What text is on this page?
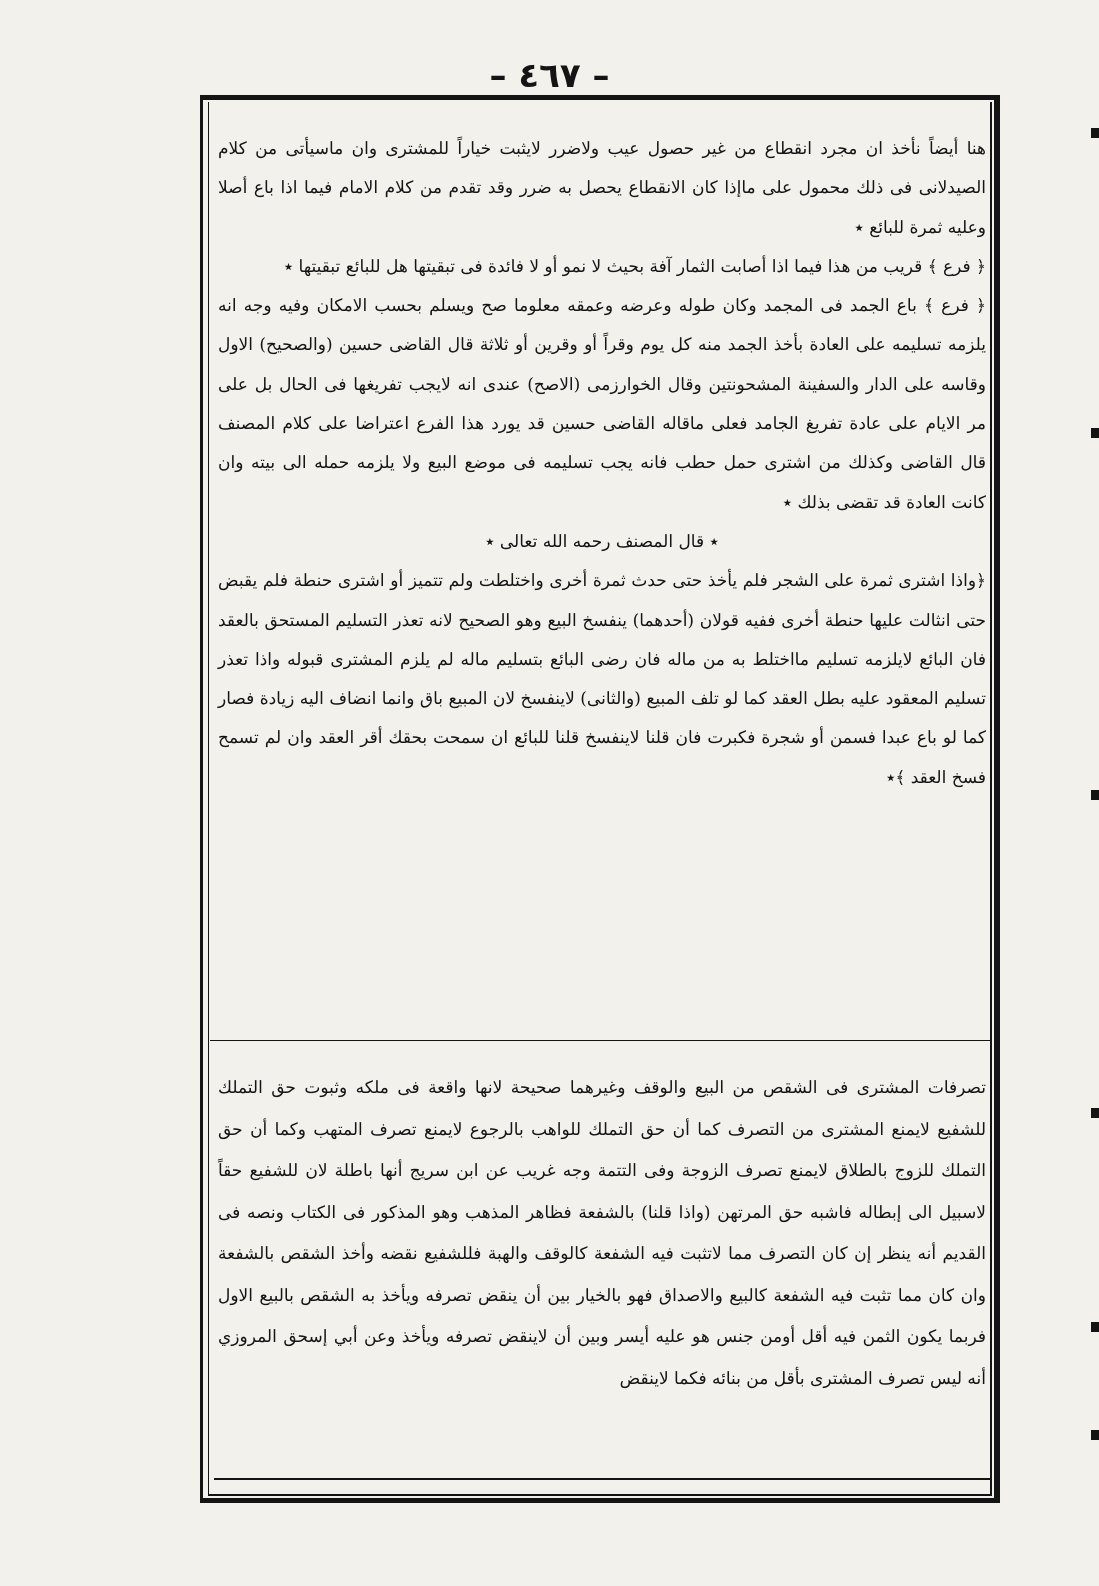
– ٤٦٧ –

هنا أيضاً نأخذ ان مجرد انقطاع من غير حصول عيب ولاضرر لايثبت خياراً للمشترى وان ماسيأتى من كلام الصيدلانى فى ذلك محمول على ماإذا كان الانقطاع يحصل به ضرر وقد تقدم من كلام الامام فيما اذا باع أصلا وعليه ثمرة للبائع ٭

﴿ فرع ﴾ قريب من هذا فيما اذا أصابت الثمار آفة بحيث لا نمو أو لا فائدة فى تبقيتها هل للبائع تبقيتها ٭

﴿ فرع ﴾ باع الجمد فى المجمد وكان طوله وعرضه وعمقه معلوما صح ويسلم بحسب الامكان وفيه وجه انه يلزمه تسليمه على العادة بأخذ الجمد منه كل يوم وقراً أو وقرين أو ثلاثة قال القاضى حسين (والصحيح) الاول وقاسه على الدار والسفينة المشحونتين وقال الخوارزمى (الاصح) عندى انه لايجب تفريغها فى الحال بل على مر الايام على عادة تفريغ الجامد فعلى ماقاله القاضى حسين قد يورد هذا الفرع اعتراضا على كلام المصنف قال القاضى وكذلك من اشترى حمل حطب فانه يجب تسليمه فى موضع البيع ولا يلزمه حمله الى بيته وان كانت العادة قد تقضى بذلك ٭

٭ قال المصنف رحمه الله تعالى ٭

﴿واذا اشترى ثمرة على الشجر فلم يأخذ حتى حدث ثمرة أخرى واختلطت ولم تتميز أو اشترى حنطة فلم يقبض حتى انثالت عليها حنطة أخرى ففيه قولان (أحدهما) ينفسخ البيع وهو الصحيح لانه تعذر التسليم المستحق بالعقد فان البائع لايلزمه تسليم مااختلط به من ماله فان رضى البائع بتسليم ماله لم يلزم المشترى قبوله واذا تعذر تسليم المعقود عليه بطل العقد كما لو تلف المبيع (والثانى) لاينفسخ لان المبيع باق وانما انضاف اليه زيادة فصار كما لو باع عبدا فسمن أو شجرة فكبرت فان قلنا لاينفسخ قلنا للبائع ان سمحت بحقك أقر العقد وان لم تسمح فسخ العقد ﴾٭

تصرفات المشترى فى الشقص من البيع والوقف وغيرهما صحيحة لانها واقعة فى ملكه وثبوت حق التملك للشفيع لايمنع المشترى من التصرف كما أن حق التملك للواهب بالرجوع لايمنع تصرف المتهب وكما أن حق التملك للزوج بالطلاق لايمنع تصرف الزوجة وفى التتمة وجه غريب عن ابن سريج أنها باطلة لان للشفيع حقاً لاسبيل الى إبطاله فاشبه حق المرتهن (واذا قلنا) بالشفعة فظاهر المذهب وهو المذكور فى الكتاب ونصه فى القديم أنه ينظر إن كان التصرف مما لاتثبت فيه الشفعة كالوقف والهبة فللشفيع نقضه وأخذ الشقص بالشفعة وان كان مما تثبت فيه الشفعة كالبيع والاصداق فهو بالخيار بين أن ينقض تصرفه ويأخذ به الشقص بالبيع الاول فربما يكون الثمن فيه أقل أومن جنس هو عليه أيسر وبين أن لاينقض تصرفه ويأخذ وعن أبي إسحق المروزي أنه ليس تصرف المشترى بأقل من بنائه فكما لاينقض
